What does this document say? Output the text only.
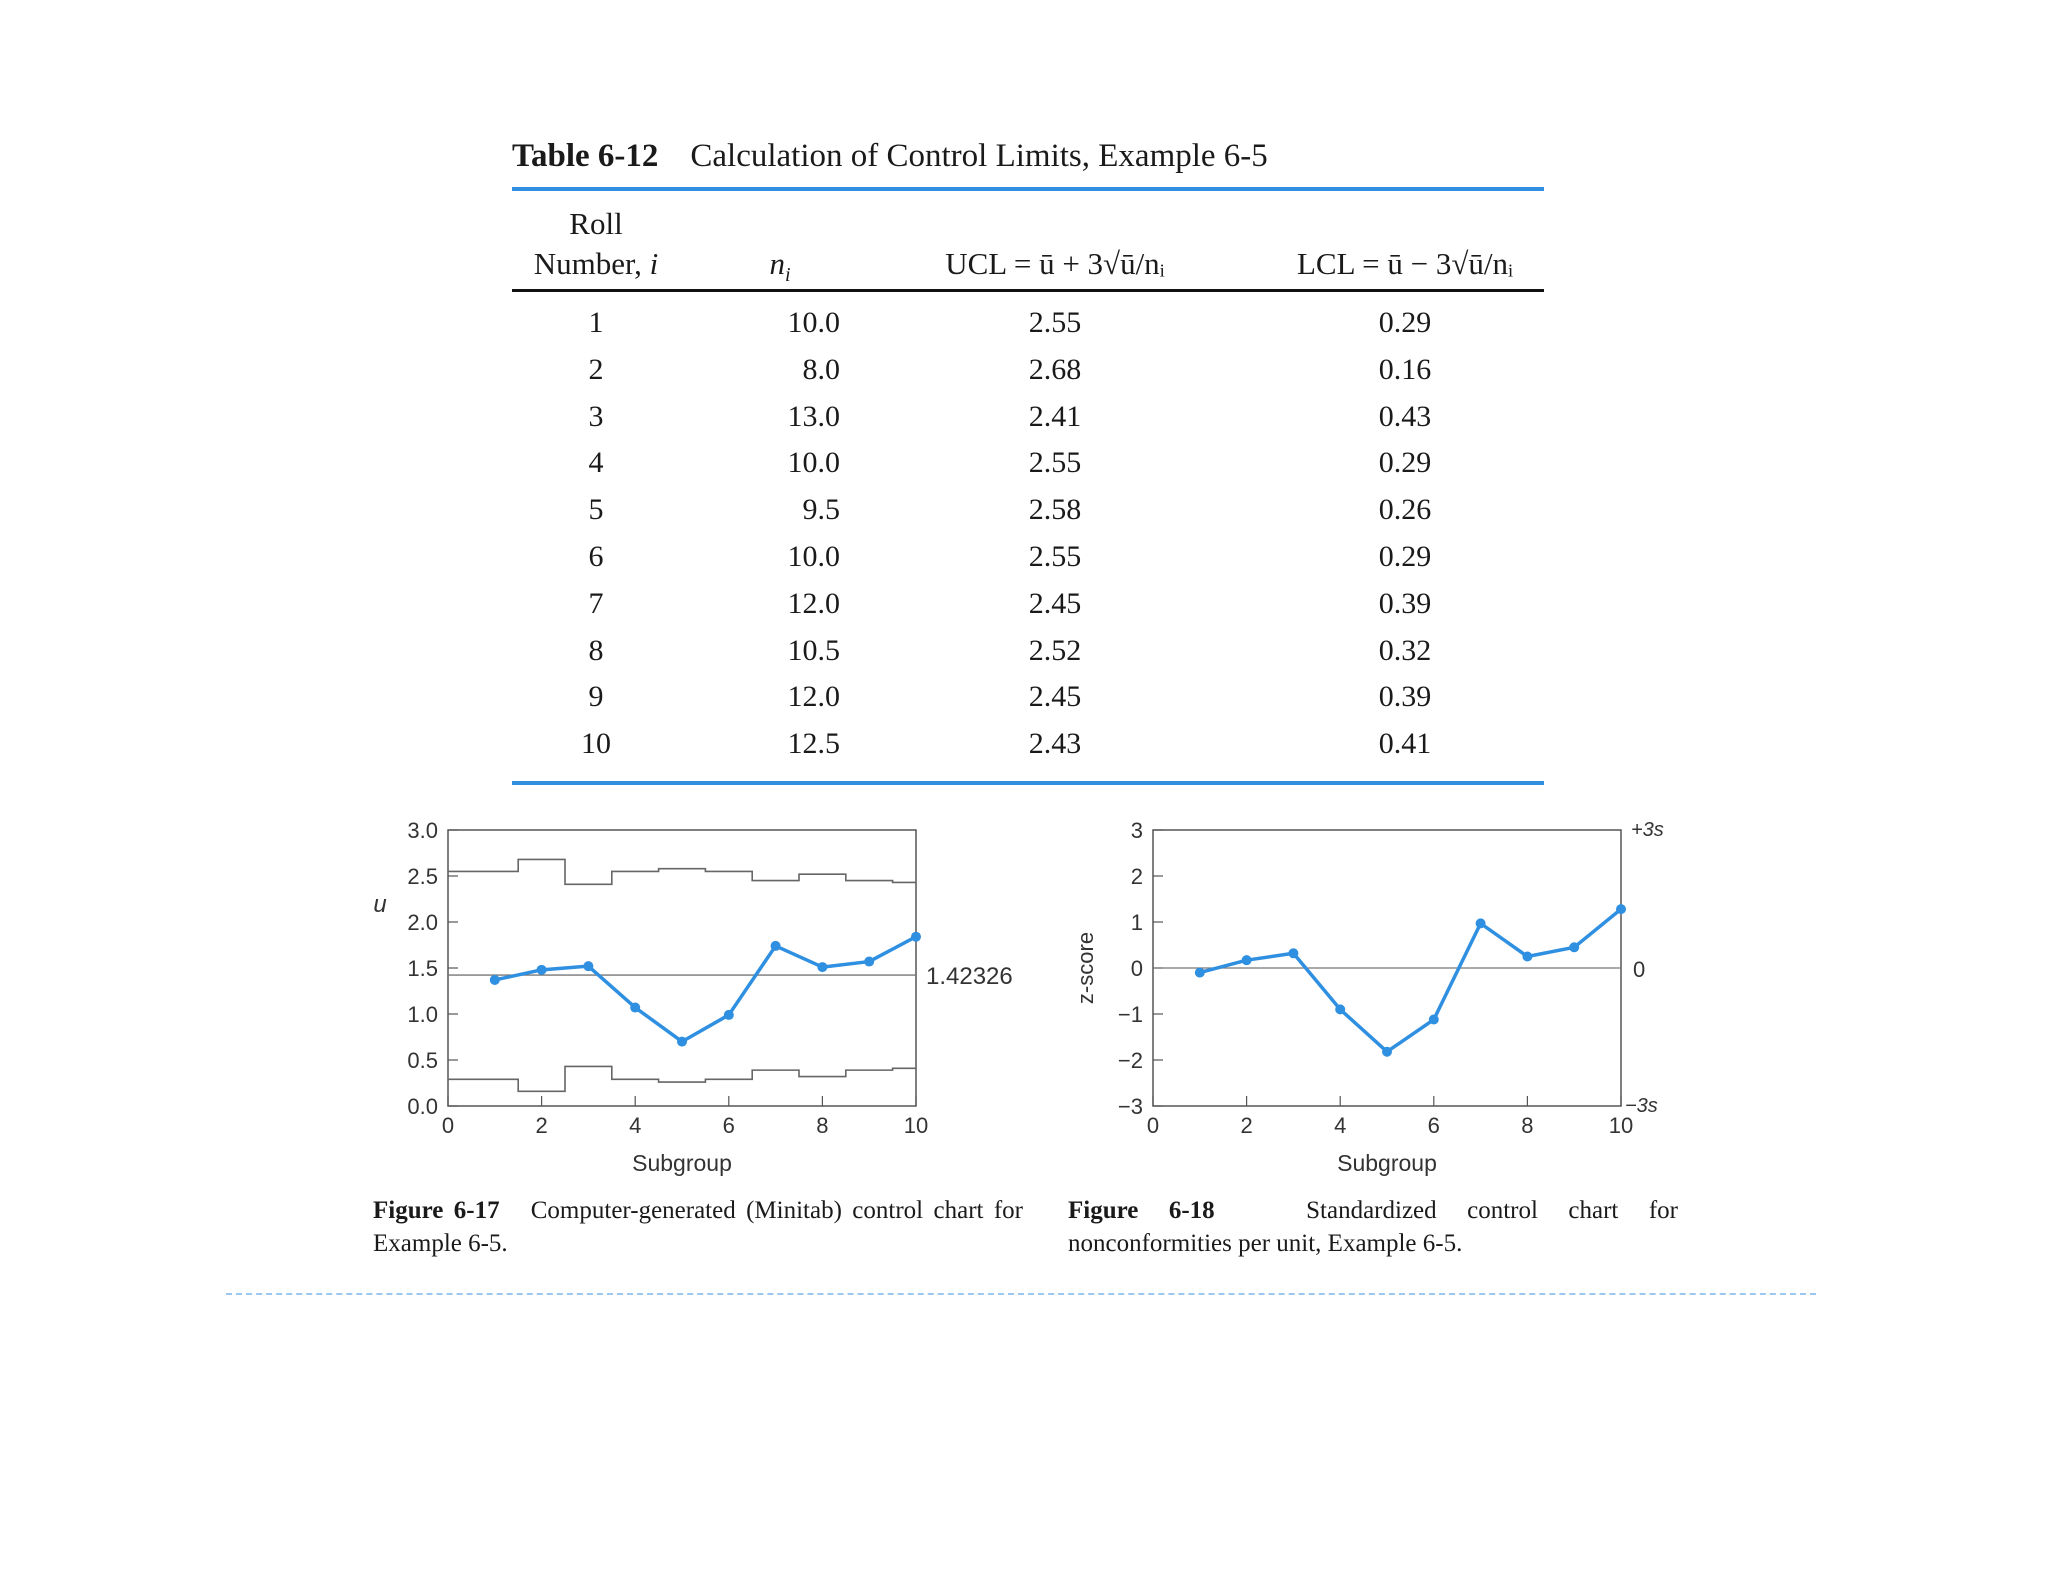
Table 6-12 Calculation of Control Limits, Example 6-5
Roll
Number, i	$n_i$	UCL = ū + 3√ū/nᵢ	LCL = ū − 3√ū/nᵢ
1	10.0	2.55	0.29
2	8.0	2.68	0.16
3	13.0	2.41	0.43
4	10.0	2.55	0.29
5	9.5	2.58	0.26
6	10.0	2.55	0.29
7	12.0	2.45	0.39
8	10.5	2.52	0.32
9	12.0	2.45	0.39
10	12.5	2.43	0.41
0.0
0.5
1.0
1.5
2.0
2.5
3.0
0	2	4	6	8	10
Subgroup
u
1.42326
−3
−2
−1
0
1
2
3
0	2	4	6	8	10
Subgroup
z-score
+3s
0
−3s
Figure 6-17 Computer-generated (Minitab) control chart for Example 6-5.
Figure 6-18	Standardized control chart for nonconformities per unit, Example 6-5.
